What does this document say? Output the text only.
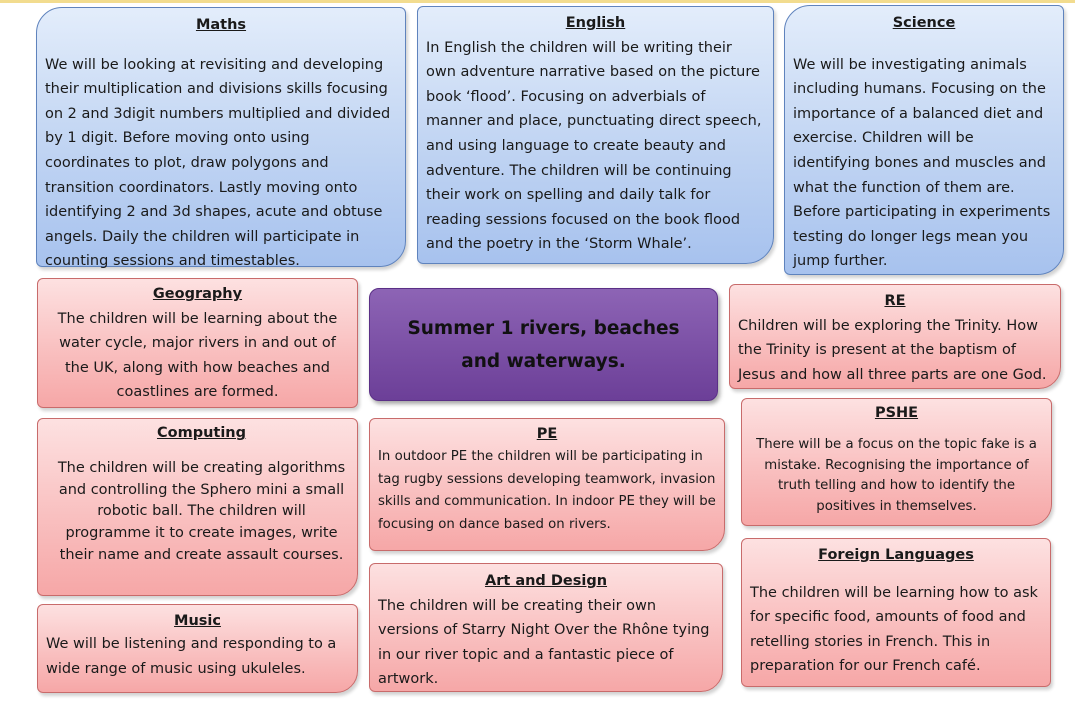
Maths

We will be looking at revisiting and developing their multiplication and divisions skills focusing on 2 and 3digit numbers multiplied and divided by 1 digit. Before moving onto using coordinates to plot, draw polygons and transition coordinators. Lastly moving onto identifying 2 and 3d shapes, acute and obtuse angels. Daily the children will participate in counting sessions and timestables.

English

In English the children will be writing their own adventure narrative based on the picture book ‘flood’. Focusing on adverbials of manner and place, punctuating direct speech, and using language to create beauty and adventure. The children will be continuing their work on spelling and daily talk for reading sessions focused on the book flood and the poetry in the ‘Storm Whale’.

Science

We will be investigating animals including humans. Focusing on the importance of a balanced diet and exercise. Children will be identifying bones and muscles and what the function of them are. Before participating in experiments testing do longer legs mean you jump further.

Geography

The children will be learning about the water cycle, major rivers in and out of the UK, along with how beaches and coastlines are formed.

Summer 1 rivers, beaches and waterways.

RE

Children will be exploring the Trinity. How the Trinity is present at the baptism of Jesus and how all three parts are one God.

Computing

The children will be creating algorithms and controlling the Sphero mini a small robotic ball. The children will programme it to create images, write their name and create assault courses.

PE

In outdoor PE the children will be participating in tag rugby sessions developing teamwork, invasion skills and communication. In indoor PE they will be focusing on dance based on rivers.

PSHE

There will be a focus on the topic fake is a mistake. Recognising the importance of truth telling and how to identify the positives in themselves.

Music

We will be listening and responding to a wide range of music using ukuleles.

Art and Design

The children will be creating their own versions of Starry Night Over the Rhône tying in our river topic and a fantastic piece of artwork.

Foreign Languages

The children will be learning how to ask for specific food, amounts of food and retelling stories in French. This in preparation for our French café.
